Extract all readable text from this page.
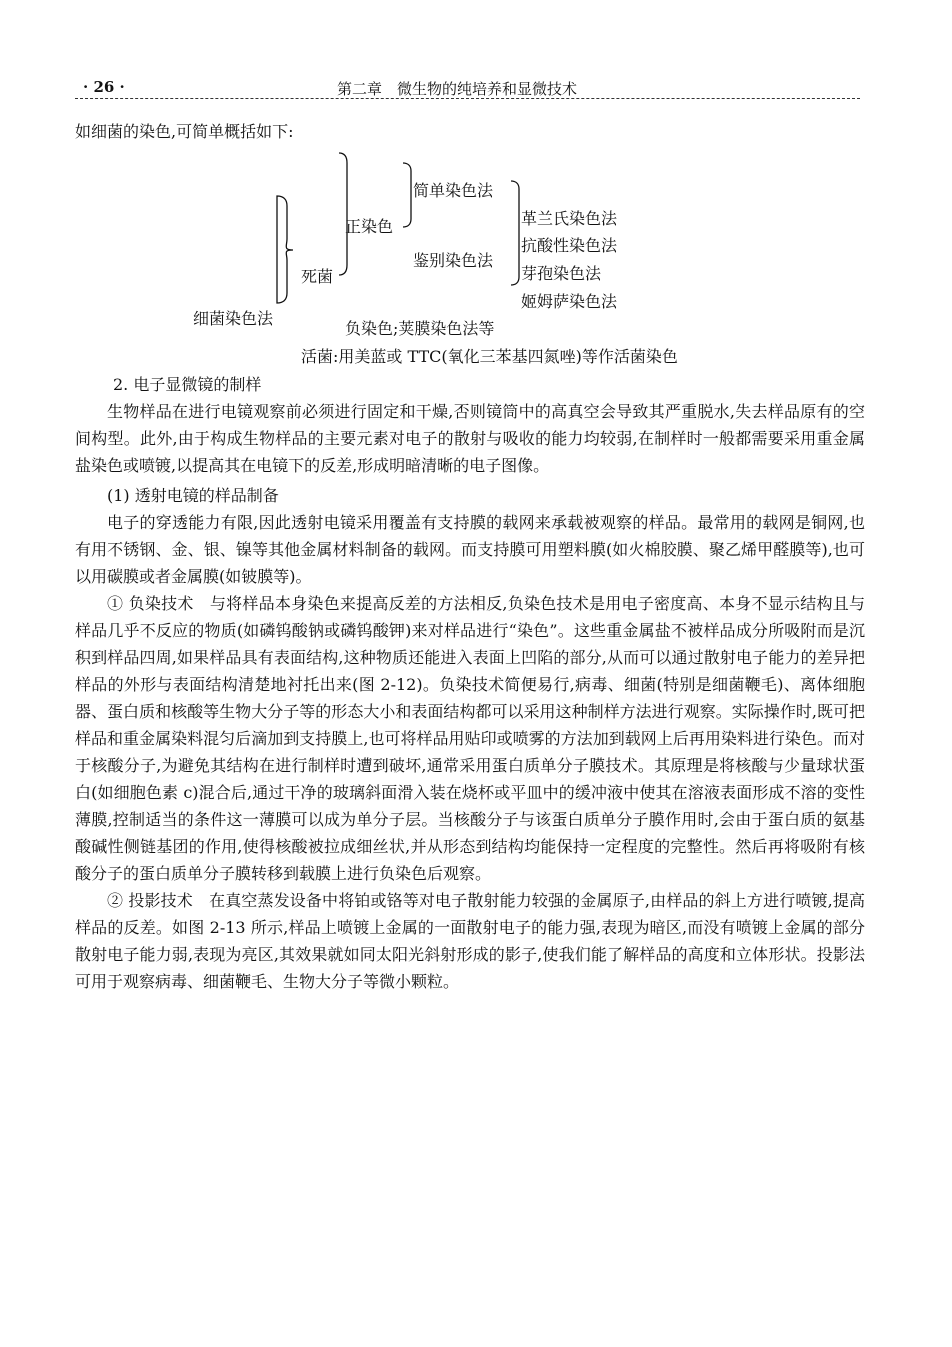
· 26 ·	第二章　微生物的纯培养和显微技术

如细菌的染色,可简单概括如下:

细菌染色法
死菌
正染色
简单染色法
鉴别染色法
革兰氏染色法
抗酸性染色法
芽孢染色法
姬姆萨染色法
负染色;荚膜染色法等
活菌:用美蓝或 TTC(氧化三苯基四氮唑)等作活菌染色

2. 电子显微镜的制样

生物样品在进行电镜观察前必须进行固定和干燥,否则镜筒中的高真空会导致其严重脱水,失去样品原有的空间构型。此外,由于构成生物样品的主要元素对电子的散射与吸收的能力均较弱,在制样时一般都需要采用重金属盐染色或喷镀,以提高其在电镜下的反差,形成明暗清晰的电子图像。

(1) 透射电镜的样品制备

电子的穿透能力有限,因此透射电镜采用覆盖有支持膜的载网来承载被观察的样品。最常用的载网是铜网,也有用不锈钢、金、银、镍等其他金属材料制备的载网。而支持膜可用塑料膜(如火棉胶膜、聚乙烯甲醛膜等),也可以用碳膜或者金属膜(如铍膜等)。

① 负染技术　与将样品本身染色来提高反差的方法相反,负染色技术是用电子密度高、本身不显示结构且与样品几乎不反应的物质(如磷钨酸钠或磷钨酸钾)来对样品进行“染色”。这些重金属盐不被样品成分所吸附而是沉积到样品四周,如果样品具有表面结构,这种物质还能进入表面上凹陷的部分,从而可以通过散射电子能力的差异把样品的外形与表面结构清楚地衬托出来(图 2-12)。负染技术简便易行,病毒、细菌(特别是细菌鞭毛)、离体细胞器、蛋白质和核酸等生物大分子等的形态大小和表面结构都可以采用这种制样方法进行观察。实际操作时,既可把样品和重金属染料混匀后滴加到支持膜上,也可将样品用贴印或喷雾的方法加到载网上后再用染料进行染色。而对于核酸分子,为避免其结构在进行制样时遭到破坏,通常采用蛋白质单分子膜技术。其原理是将核酸与少量球状蛋白(如细胞色素 c)混合后,通过干净的玻璃斜面滑入装在烧杯或平皿中的缓冲液中使其在溶液表面形成不溶的变性薄膜,控制适当的条件这一薄膜可以成为单分子层。当核酸分子与该蛋白质单分子膜作用时,会由于蛋白质的氨基酸碱性侧链基团的作用,使得核酸被拉成细丝状,并从形态到结构均能保持一定程度的完整性。然后再将吸附有核酸分子的蛋白质单分子膜转移到载膜上进行负染色后观察。

② 投影技术　在真空蒸发设备中将铂或铬等对电子散射能力较强的金属原子,由样品的斜上方进行喷镀,提高样品的反差。如图 2-13 所示,样品上喷镀上金属的一面散射电子的能力强,表现为暗区,而没有喷镀上金属的部分散射电子能力弱,表现为亮区,其效果就如同太阳光斜射形成的影子,使我们能了解样品的高度和立体形状。投影法可用于观察病毒、细菌鞭毛、生物大分子等微小颗粒。
